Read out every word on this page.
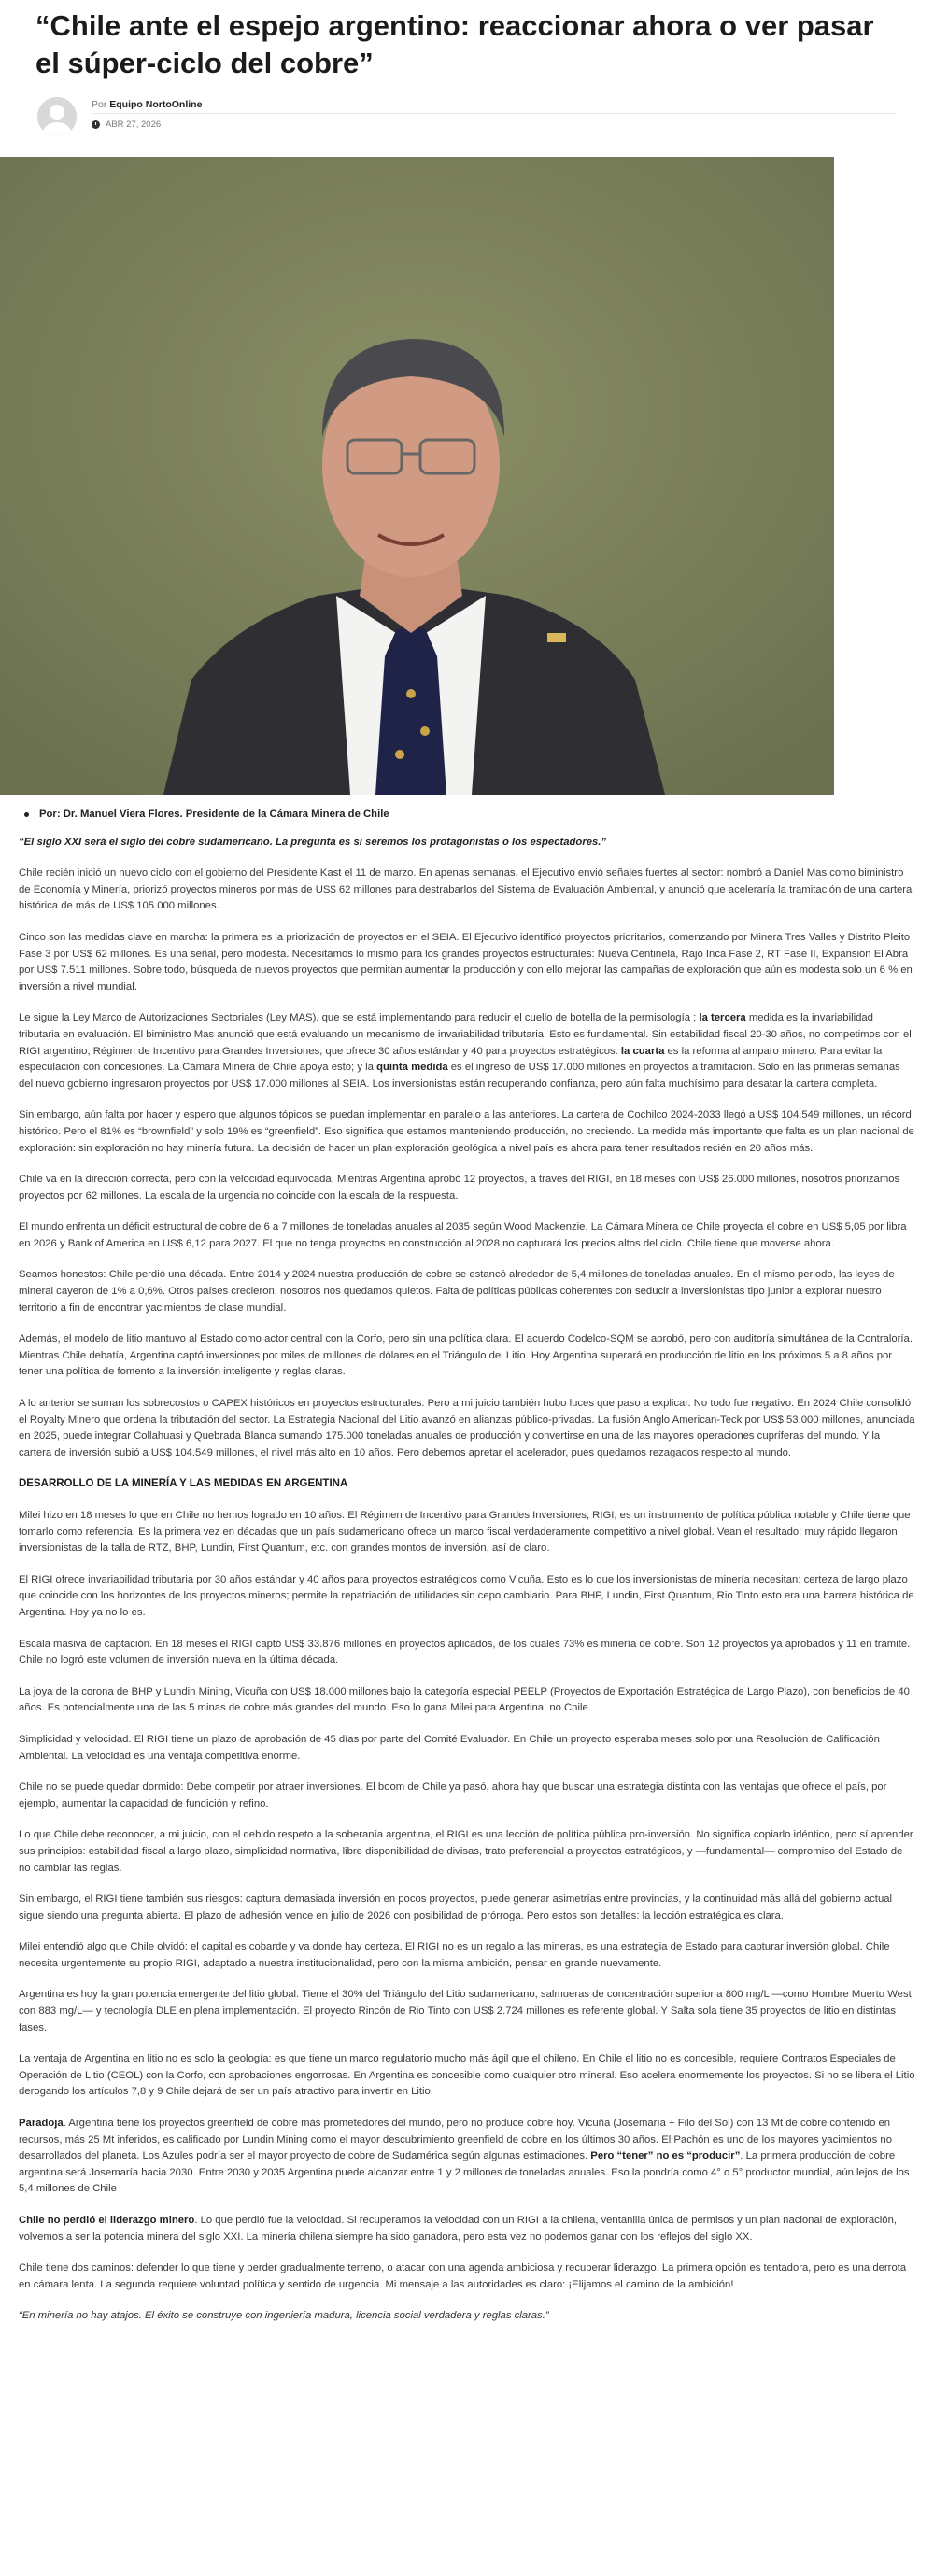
“Chile ante el espejo argentino: reaccionar ahora o ver pasar el súper-ciclo del cobre”
Por Equipo NortoOnline
ABR 27, 2026
Por: Dr. Manuel Viera Flores. Presidente de la Cámara Minera de Chile

“El siglo XXI será el siglo del cobre sudamericano. La pregunta es si seremos los protagonistas o los espectadores.”

Chile recién inició un nuevo ciclo con el gobierno del Presidente Kast el 11 de marzo. En apenas semanas, el Ejecutivo envió señales fuertes al sector: nombró a Daniel Mas como biministro de Economía y Minería, priorizó proyectos mineros por más de US$ 62 millones para destrabarlos del Sistema de Evaluación Ambiental, y anunció que aceleraría la tramitación de una cartera histórica de más de US$ 105.000 millones.

Cinco son las medidas clave en marcha: la primera es la priorización de proyectos en el SEIA. El Ejecutivo identificó proyectos prioritarios, comenzando por Minera Tres Valles y Distrito Pleito Fase 3 por US$ 62 millones. Es una señal, pero modesta. Necesitamos lo mismo para los grandes proyectos estructurales: Nueva Centinela, Rajo Inca Fase 2, RT Fase II, Expansión El Abra por US$ 7.511 millones. Sobre todo, búsqueda de nuevos proyectos que permitan aumentar la producción y con ello mejorar las campañas de exploración que aún es modesta solo un 6 % en inversión a nivel mundial.

Le sigue la Ley Marco de Autorizaciones Sectoriales (Ley MAS), que se está implementando para reducir el cuello de botella de la permisología ; la tercera medida es la invariabilidad tributaria en evaluación. El biministro Mas anunció que está evaluando un mecanismo de invariabilidad tributaria. Esto es fundamental. Sin estabilidad fiscal 20-30 años, no competimos con el RIGI argentino, Régimen de Incentivo para Grandes Inversiones, que ofrece 30 años estándar y 40 para proyectos estratégicos: la cuarta es la reforma al amparo minero. Para evitar la especulación con concesiones. La Cámara Minera de Chile apoya esto; y la quinta medida es el ingreso de US$ 17.000 millones en proyectos a tramitación. Solo en las primeras semanas del nuevo gobierno ingresaron proyectos por US$ 17.000 millones al SEIA. Los inversionistas están recuperando confianza, pero aún falta muchísimo para desatar la cartera completa.

Sin embargo, aún falta por hacer y espero que algunos tópicos se puedan implementar en paralelo a las anteriores. La cartera de Cochilco 2024-2033 llegó a US$ 104.549 millones, un récord histórico. Pero el 81% es “brownfield” y solo 19% es “greenfield”. Eso significa que estamos manteniendo producción, no creciendo. La medida más importante que falta es un plan nacional de exploración: sin exploración no hay minería futura. La decisión de hacer un plan exploración geológica a nivel país es ahora para tener resultados recién en 20 años más.

Chile va en la dirección correcta, pero con la velocidad equivocada. Mientras Argentina aprobó 12 proyectos, a través del RIGI, en 18 meses con US$ 26.000 millones, nosotros priorizamos proyectos por 62 millones. La escala de la urgencia no coincide con la escala de la respuesta.

El mundo enfrenta un déficit estructural de cobre de 6 a 7 millones de toneladas anuales al 2035 según Wood Mackenzie. La Cámara Minera de Chile proyecta el cobre en US$ 5,05 por libra en 2026 y Bank of America en US$ 6,12 para 2027. El que no tenga proyectos en construcción al 2028 no capturará los precios altos del ciclo. Chile tiene que moverse ahora.

Seamos honestos: Chile perdió una década. Entre 2014 y 2024 nuestra producción de cobre se estancó alrededor de 5,4 millones de toneladas anuales. En el mismo periodo, las leyes de mineral cayeron de 1% a 0,6%. Otros países crecieron, nosotros nos quedamos quietos. Falta de políticas públicas coherentes con seducir a inversionistas tipo junior a explorar nuestro territorio a fin de encontrar yacimientos de clase mundial.

Además, el modelo de litio mantuvo al Estado como actor central con la Corfo, pero sin una política clara. El acuerdo Codelco-SQM se aprobó, pero con auditoría simultánea de la Contraloría. Mientras Chile debatía, Argentina captó inversiones por miles de millones de dólares en el Triángulo del Litio. Hoy Argentina superará en producción de litio en los próximos 5 a 8 años por tener una política de fomento a la inversión inteligente y reglas claras.

A lo anterior se suman los sobrecostos o CAPEX históricos en proyectos estructurales. Pero a mi juicio también hubo luces que paso a explicar. No todo fue negativo. En 2024 Chile consolidó el Royalty Minero que ordena la tributación del sector. La Estrategia Nacional del Litio avanzó en alianzas público-privadas. La fusión Anglo American-Teck por US$ 53.000 millones, anunciada en 2025, puede integrar Collahuasi y Quebrada Blanca sumando 175.000 toneladas anuales de producción y convertirse en una de las mayores operaciones cupríferas del mundo. Y la cartera de inversión subió a US$ 104.549 millones, el nivel más alto en 10 años. Pero debemos apretar el acelerador, pues quedamos rezagados respecto al mundo.

DESARROLLO DE LA MINERÍA Y LAS MEDIDAS EN ARGENTINA

Milei hizo en 18 meses lo que en Chile no hemos logrado en 10 años. El Régimen de Incentivo para Grandes Inversiones, RIGI, es un instrumento de política pública notable y Chile tiene que tomarlo como referencia. Es la primera vez en décadas que un país sudamericano ofrece un marco fiscal verdaderamente competitivo a nivel global. Vean el resultado: muy rápido llegaron inversionistas de la talla de RTZ, BHP, Lundin, First Quantum, etc. con grandes montos de inversión, así de claro.

El RIGI ofrece invariabilidad tributaria por 30 años estándar y 40 años para proyectos estratégicos como Vicuña. Esto es lo que los inversionistas de minería necesitan: certeza de largo plazo que coincide con los horizontes de los proyectos mineros; permite la repatriación de utilidades sin cepo cambiario. Para BHP, Lundin, First Quantum, Rio Tinto esto era una barrera histórica de Argentina. Hoy ya no lo es.

Escala masiva de captación. En 18 meses el RIGI captó US$ 33.876 millones en proyectos aplicados, de los cuales 73% es minería de cobre. Son 12 proyectos ya aprobados y 11 en trámite. Chile no logró este volumen de inversión nueva en la última década.

La joya de la corona de BHP y Lundin Mining, Vicuña con US$ 18.000 millones bajo la categoría especial PEELP (Proyectos de Exportación Estratégica de Largo Plazo), con beneficios de 40 años. Es potencialmente una de las 5 minas de cobre más grandes del mundo. Eso lo gana Milei para Argentina, no Chile.

Simplicidad y velocidad. El RIGI tiene un plazo de aprobación de 45 días por parte del Comité Evaluador. En Chile un proyecto esperaba meses solo por una Resolución de Calificación Ambiental. La velocidad es una ventaja competitiva enorme.

Chile no se puede quedar dormido: Debe competir por atraer inversiones. El boom de Chile ya pasó, ahora hay que buscar una estrategia distinta con las ventajas que ofrece el país, por ejemplo, aumentar la capacidad de fundición y refino.

Lo que Chile debe reconocer, a mi juicio, con el debido respeto a la soberanía argentina, el RIGI es una lección de política pública pro-inversión. No significa copiarlo idéntico, pero sí aprender sus principios: estabilidad fiscal a largo plazo, simplicidad normativa, libre disponibilidad de divisas, trato preferencial a proyectos estratégicos, y —fundamental— compromiso del Estado de no cambiar las reglas.

Sin embargo, el RIGI tiene también sus riesgos: captura demasiada inversión en pocos proyectos, puede generar asimetrías entre provincias, y la continuidad más allá del gobierno actual sigue siendo una pregunta abierta. El plazo de adhesión vence en julio de 2026 con posibilidad de prórroga. Pero estos son detalles: la lección estratégica es clara.

Milei entendió algo que Chile olvidó: el capital es cobarde y va donde hay certeza. El RIGI no es un regalo a las mineras, es una estrategia de Estado para capturar inversión global. Chile necesita urgentemente su propio RIGI, adaptado a nuestra institucionalidad, pero con la misma ambición, pensar en grande nuevamente.

Argentina es hoy la gran potencia emergente del litio global. Tiene el 30% del Triángulo del Litio sudamericano, salmueras de concentración superior a 800 mg/L —como Hombre Muerto West con 883 mg/L— y tecnología DLE en plena implementación. El proyecto Rincón de Rio Tinto con US$ 2.724 millones es referente global. Y Salta sola tiene 35 proyectos de litio en distintas fases.

La ventaja de Argentina en litio no es solo la geología: es que tiene un marco regulatorio mucho más ágil que el chileno. En Chile el litio no es concesible, requiere Contratos Especiales de Operación de Litio (CEOL) con la Corfo, con aprobaciones engorrosas. En Argentina es concesible como cualquier otro mineral. Eso acelera enormemente los proyectos. Si no se libera el Litio derogando los artículos 7,8 y 9 Chile dejará de ser un país atractivo para invertir en Litio.

Paradoja. Argentina tiene los proyectos greenfield de cobre más prometedores del mundo, pero no produce cobre hoy. Vicuña (Josemaría + Filo del Sol) con 13 Mt de cobre contenido en recursos, más 25 Mt inferidos, es calificado por Lundin Mining como el mayor descubrimiento greenfield de cobre en los últimos 30 años. El Pachón es uno de los mayores yacimientos no desarrollados del planeta. Los Azules podría ser el mayor proyecto de cobre de Sudamérica según algunas estimaciones. Pero “tener” no es “producir”. La primera producción de cobre argentina será Josemaría hacia 2030. Entre 2030 y 2035 Argentina puede alcanzar entre 1 y 2 millones de toneladas anuales. Eso la pondría como 4° o 5° productor mundial, aún lejos de los 5,4 millones de Chile

Chile no perdió el liderazgo minero. Lo que perdió fue la velocidad. Si recuperamos la velocidad con un RIGI a la chilena, ventanilla única de permisos y un plan nacional de exploración, volvemos a ser la potencia minera del siglo XXI. La minería chilena siempre ha sido ganadora, pero esta vez no podemos ganar con los reflejos del siglo XX.

Chile tiene dos caminos: defender lo que tiene y perder gradualmente terreno, o atacar con una agenda ambiciosa y recuperar liderazgo. La primera opción es tentadora, pero es una derrota en cámara lenta. La segunda requiere voluntad política y sentido de urgencia. Mi mensaje a las autoridades es claro: ¡Elijamos el camino de la ambición!

“En minería no hay atajos. El éxito se construye con ingeniería madura, licencia social verdadera y reglas claras.”
